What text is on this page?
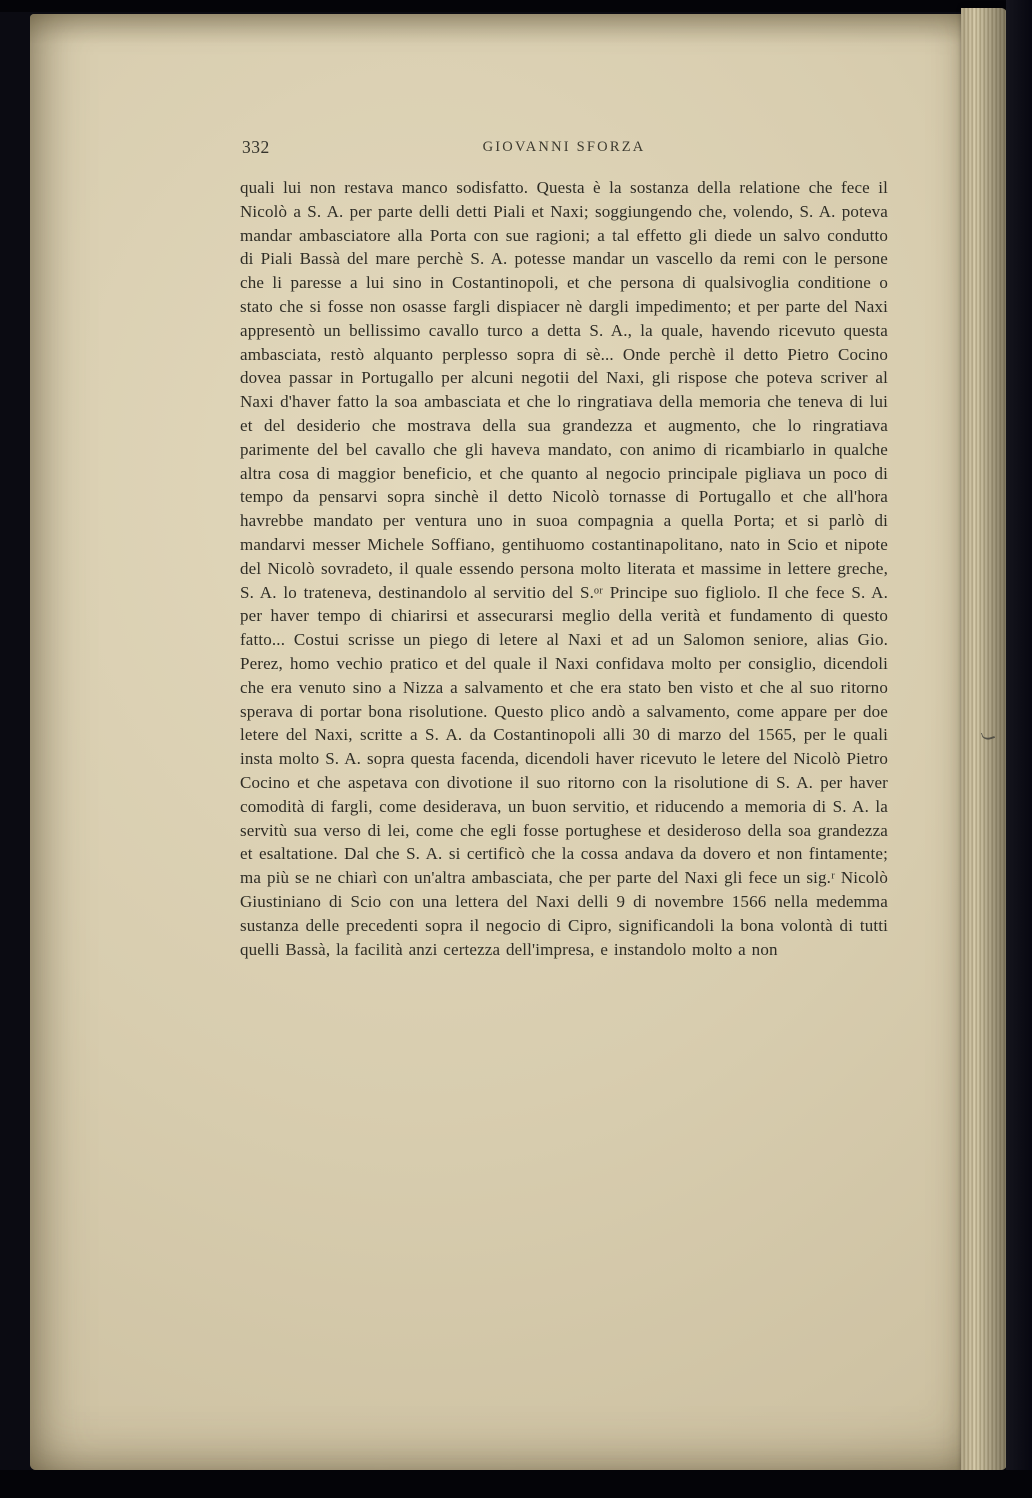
332	GIOVANNI SFORZA
quali lui non restava manco sodisfatto. Questa è la sostanza della relatione che fece il Nicolò a S. A. per parte delli detti Piali et Naxi; soggiungendo che, volendo, S. A. poteva mandar ambasciatore alla Porta con sue ragioni; a tal effetto gli diede un salvo condutto di Piali Bassà del mare perchè S. A. potesse mandar un vascello da remi con le persone che li paresse a lui sino in Costantinopoli, et che persona di qualsivoglia conditione o stato che si fosse non osasse fargli dispiacer nè dargli impedimento; et per parte del Naxi appresentò un bellissimo cavallo turco a detta S. A., la quale, havendo ricevuto questa ambasciata, restò alquanto perplesso sopra di sè... Onde perchè il detto Pietro Cocino dovea passar in Portugallo per alcuni negotii del Naxi, gli rispose che poteva scriver al Naxi d'haver fatto la soa ambasciata et che lo ringratiava della memoria che teneva di lui et del desiderio che mostrava della sua grandezza et augmento, che lo ringratiava parimente del bel cavallo che gli haveva mandato, con animo di ricambiarlo in qualche altra cosa di maggior beneficio, et che quanto al negocio principale pigliava un poco di tempo da pensarvi sopra sinchè il detto Nicolò tornasse di Portugallo et che all'hora havrebbe mandato per ventura uno in suoa compagnia a quella Porta; et si parlò di mandarvi messer Michele Soffiano, gentihuomo costantinapolitano, nato in Scio et nipote del Nicolò sovradeto, il quale essendo persona molto literata et massime in lettere greche, S. A. lo trateneva, destinandolo al servitio del S.ᵒʳ Principe suo figliolo. Il che fece S. A. per haver tempo di chiarirsi et assecurarsi meglio della verità et fundamento di questo fatto... Costui scrisse un piego di letere al Naxi et ad un Salomon seniore, alias Gio. Perez, homo vechio pratico et del quale il Naxi confidava molto per consiglio, dicendoli che era venuto sino a Nizza a salvamento et che era stato ben visto et che al suo ritorno sperava di portar bona risolutione. Questo plico andò a salvamento, come appare per doe letere del Naxi, scritte a S. A. da Costantinopoli alli 30 di marzo del 1565, per le quali insta molto S. A. sopra questa facenda, dicendoli haver ricevuto le letere del Nicolò Pietro Cocino et che aspetava con divotione il suo ritorno con la risolutione di S. A. per haver comodità di fargli, come desiderava, un buon servitio, et riducendo a memoria di S. A. la servitù sua verso di lei, come che egli fosse portughese et desideroso della soa grandezza et esaltatione. Dal che S. A. si certificò che la cossa andava da dovero et non fintamente; ma più se ne chiarì con un'altra ambasciata, che per parte del Naxi gli fece un sig.ʳ Nicolò Giustiniano di Scio con una lettera del Naxi delli 9 di novembre 1566 nella medemma sustanza delle precedenti sopra il negocio di Cipro, significandoli la bona volontà di tutti quelli Bassà, la facilità anzi certezza dell'impresa, e instandolo molto a non
